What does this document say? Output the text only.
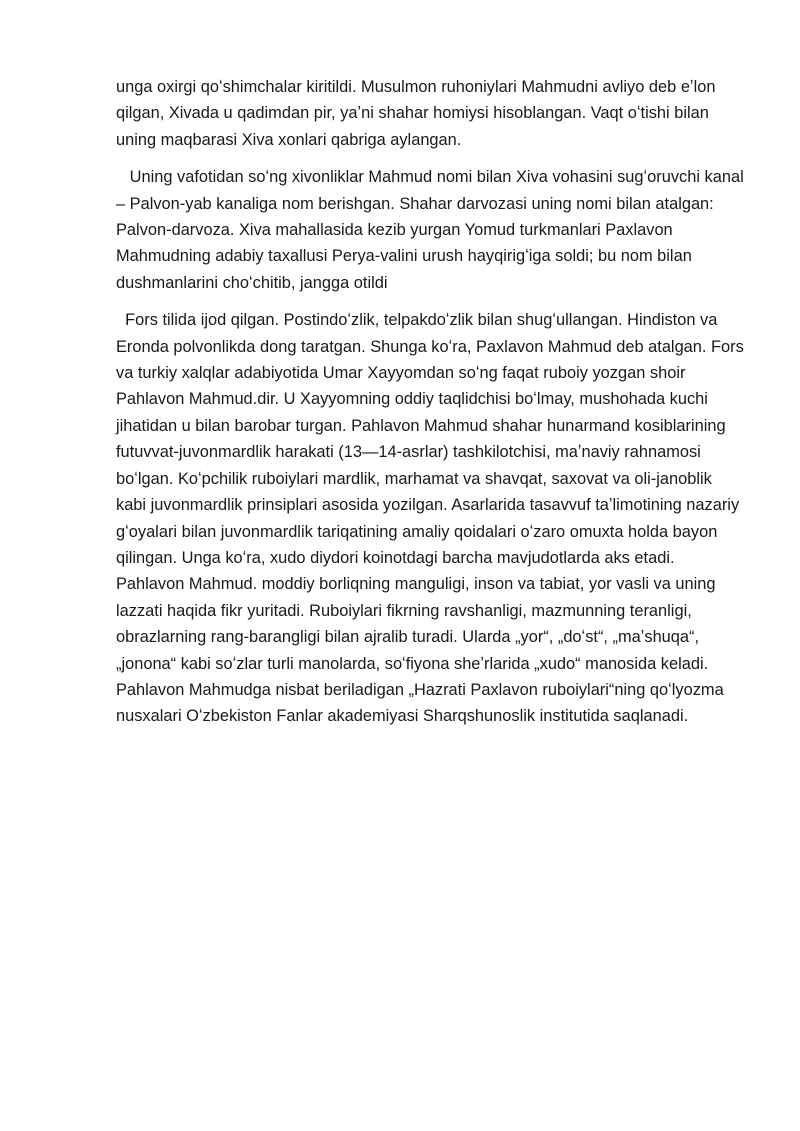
unga oxirgi qoʻshimchalar kiritildi. Musulmon ruhoniylari Mahmudni avliyo deb eʼlon qilgan, Xivada u qadimdan pir, yaʼni shahar homiysi hisoblangan. Vaqt oʻtishi bilan uning maqbarasi Xiva xonlari qabriga aylangan.

Uning vafotidan soʻng xivonliklar Mahmud nomi bilan Xiva vohasini sugʻoruvchi kanal – Palvon-yab kanaliga nom berishgan. Shahar darvozasi uning nomi bilan atalgan: Palvon-darvoza. Xiva mahallasida kezib yurgan Yomud turkmanlari Paxlavon Mahmudning adabiy taxallusi Perya-valini urush hayqirigʻiga soldi; bu nom bilan dushmanlarini choʻchitib, jangga otildi

Fors tilida ijod qilgan. Postindoʻzlik, telpakdoʻzlik bilan shugʻullangan. Hindiston va Eronda polvonlikda dong taratgan. Shunga koʻra, Paxlavon Mahmud deb atalgan. Fors va turkiy xalqlar adabiyotida Umar Xayyomdan soʻng faqat ruboiy yozgan shoir Pahlavon Mahmud.dir. U Xayyomning oddiy taqlidchisi boʻlmay, mushohada kuchi jihatidan u bilan barobar turgan. Pahlavon Mahmud shahar hunarmand kosiblarining futuvvat-juvonmardlik harakati (13—14-asrlar) tashkilotchisi, maʼnaviy rahnamosi boʻlgan. Koʻpchilik ruboiylari mardlik, marhamat va shavqat, saxovat va oli-janoblik kabi juvonmardlik prinsiplari asosida yozilgan. Asarlarida tasavvuf taʼlimotining nazariy gʻoyalari bilan juvonmardlik tariqatining amaliy qoidalari oʻzaro omuxta holda bayon qilingan. Unga koʻra, xudo diydori koinotdagi barcha mavjudotlarda aks etadi. Pahlavon Mahmud. moddiy borliqning manguligi, inson va tabiat, yor vasli va uning lazzati haqida fikr yuritadi. Ruboiylari fikrning ravshanligi, mazmunning teranligi, obrazlarning rang-barangligi bilan ajralib turadi. Ularda „yor“, „doʻst“, „maʼshuqa“, „jonona“ kabi soʻzlar turli manolarda, soʻfiyona sheʼrlarida „xudo“ manosida keladi. Pahlavon Mahmudga nisbat beriladigan „Hazrati Paxlavon ruboiylari“ning qoʻlyozma nusxalari Oʻzbekiston Fanlar akademiyasi Sharqshunoslik institutida saqlanadi.
